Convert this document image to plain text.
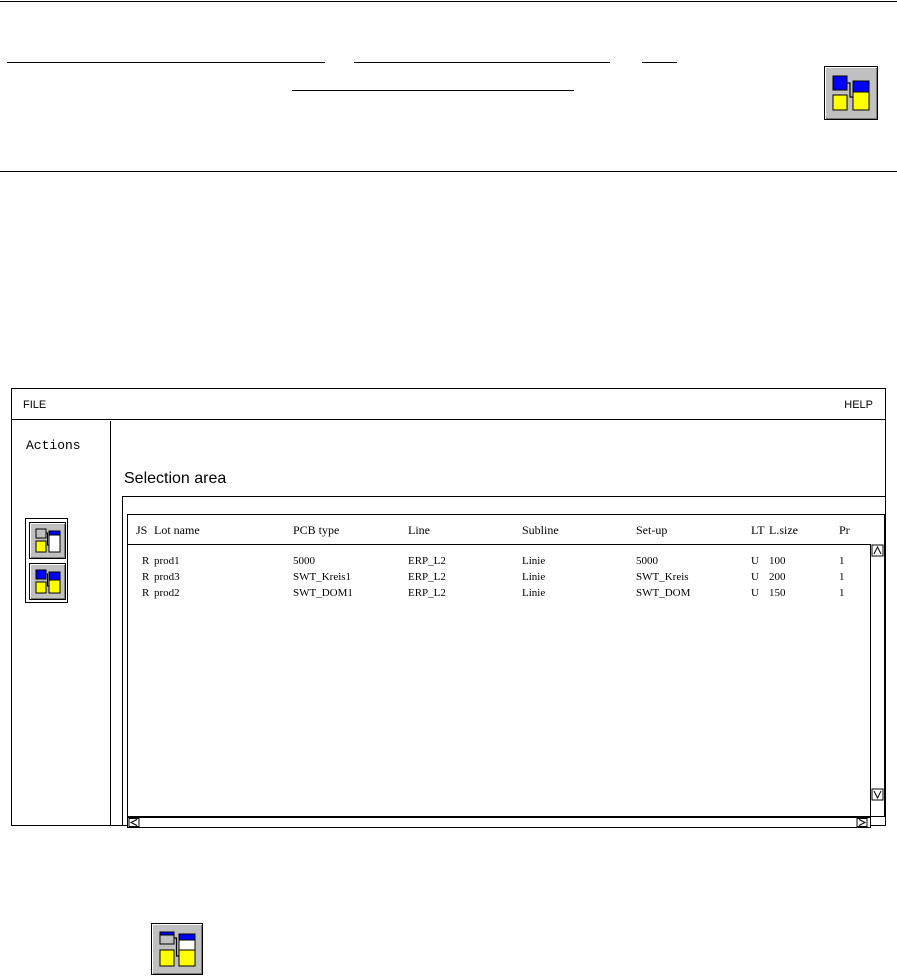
FILE	HELP
Actions
Selection area
JS Lot name	PCB type	Line	Subline	Set-up	LT L.size	Pr
R prod1	5000	ERP_L2	Linie	5000	U 100	1
R prod3	SWT_Kreis1	ERP_L2	Linie	SWT_Kreis	U 200	1
R prod2	SWT_DOM1	ERP_L2	Linie	SWT_DOM	U 150	1
